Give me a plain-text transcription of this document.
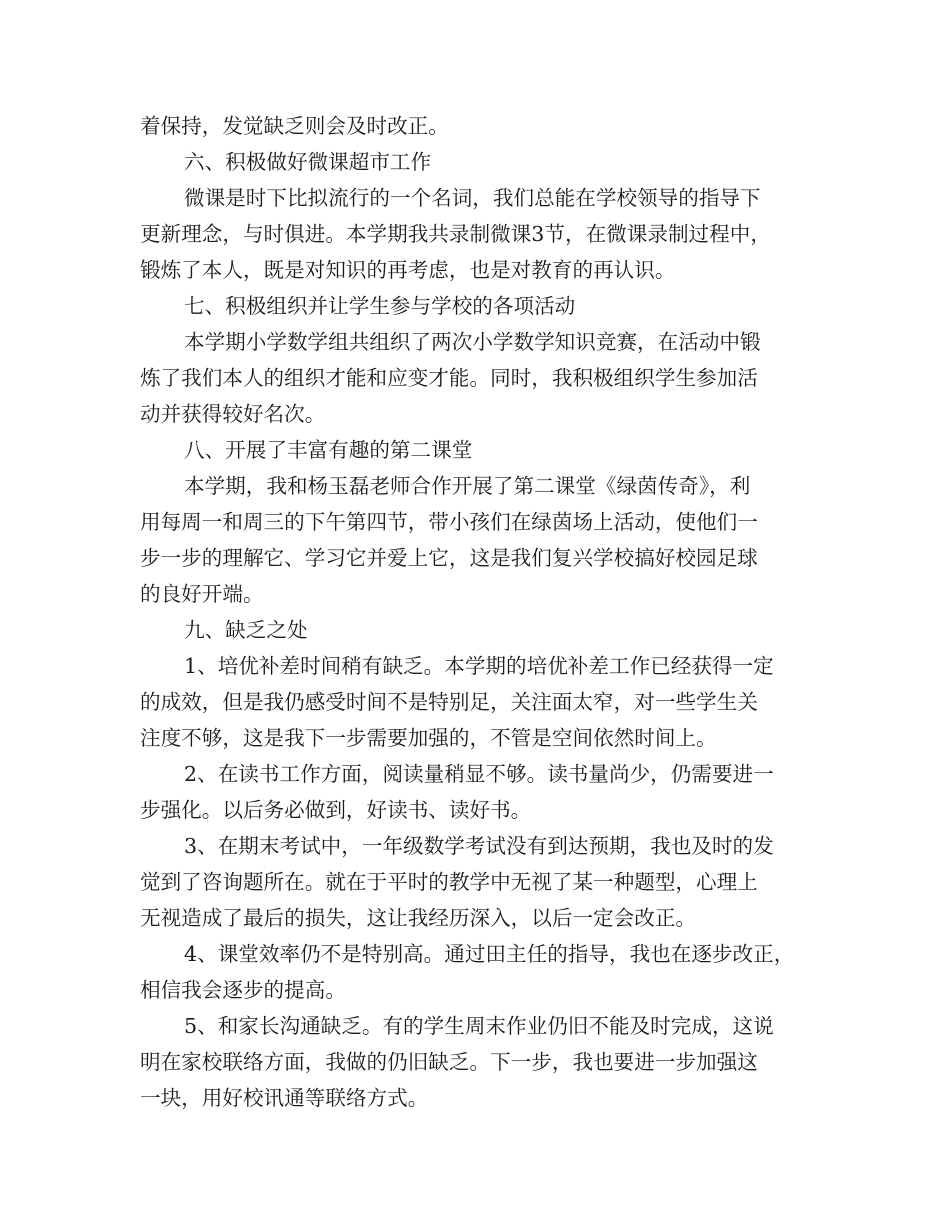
着保持，发觉缺乏则会及时改正。
六、积极做好微课超市工作
微课是时下比拟流行的一个名词，我们总能在学校领导的指导下
更新理念，与时俱进。本学期我共录制微课3节，在微课录制过程中，
锻炼了本人，既是对知识的再考虑，也是对教育的再认识。
七、积极组织并让学生参与学校的各项活动
本学期小学数学组共组织了两次小学数学知识竞赛，在活动中锻
炼了我们本人的组织才能和应变才能。同时，我积极组织学生参加活
动并获得较好名次。
八、开展了丰富有趣的第二课堂
本学期，我和杨玉磊老师合作开展了第二课堂《绿茵传奇》，利
用每周一和周三的下午第四节，带小孩们在绿茵场上活动，使他们一
步一步的理解它、学习它并爱上它，这是我们复兴学校搞好校园足球
的良好开端。
九、缺乏之处
1、培优补差时间稍有缺乏。本学期的培优补差工作已经获得一定
的成效，但是我仍感受时间不是特别足，关注面太窄，对一些学生关
注度不够，这是我下一步需要加强的，不管是空间依然时间上。
2、在读书工作方面，阅读量稍显不够。读书量尚少，仍需要进一
步强化。以后务必做到，好读书、读好书。
3、在期末考试中，一年级数学考试没有到达预期，我也及时的发
觉到了咨询题所在。就在于平时的教学中无视了某一种题型，心理上
无视造成了最后的损失，这让我经历深入，以后一定会改正。
4、课堂效率仍不是特别高。通过田主任的指导，我也在逐步改正，
相信我会逐步的提高。
5、和家长沟通缺乏。有的学生周末作业仍旧不能及时完成，这说
明在家校联络方面，我做的仍旧缺乏。下一步，我也要进一步加强这
一块，用好校讯通等联络方式。
